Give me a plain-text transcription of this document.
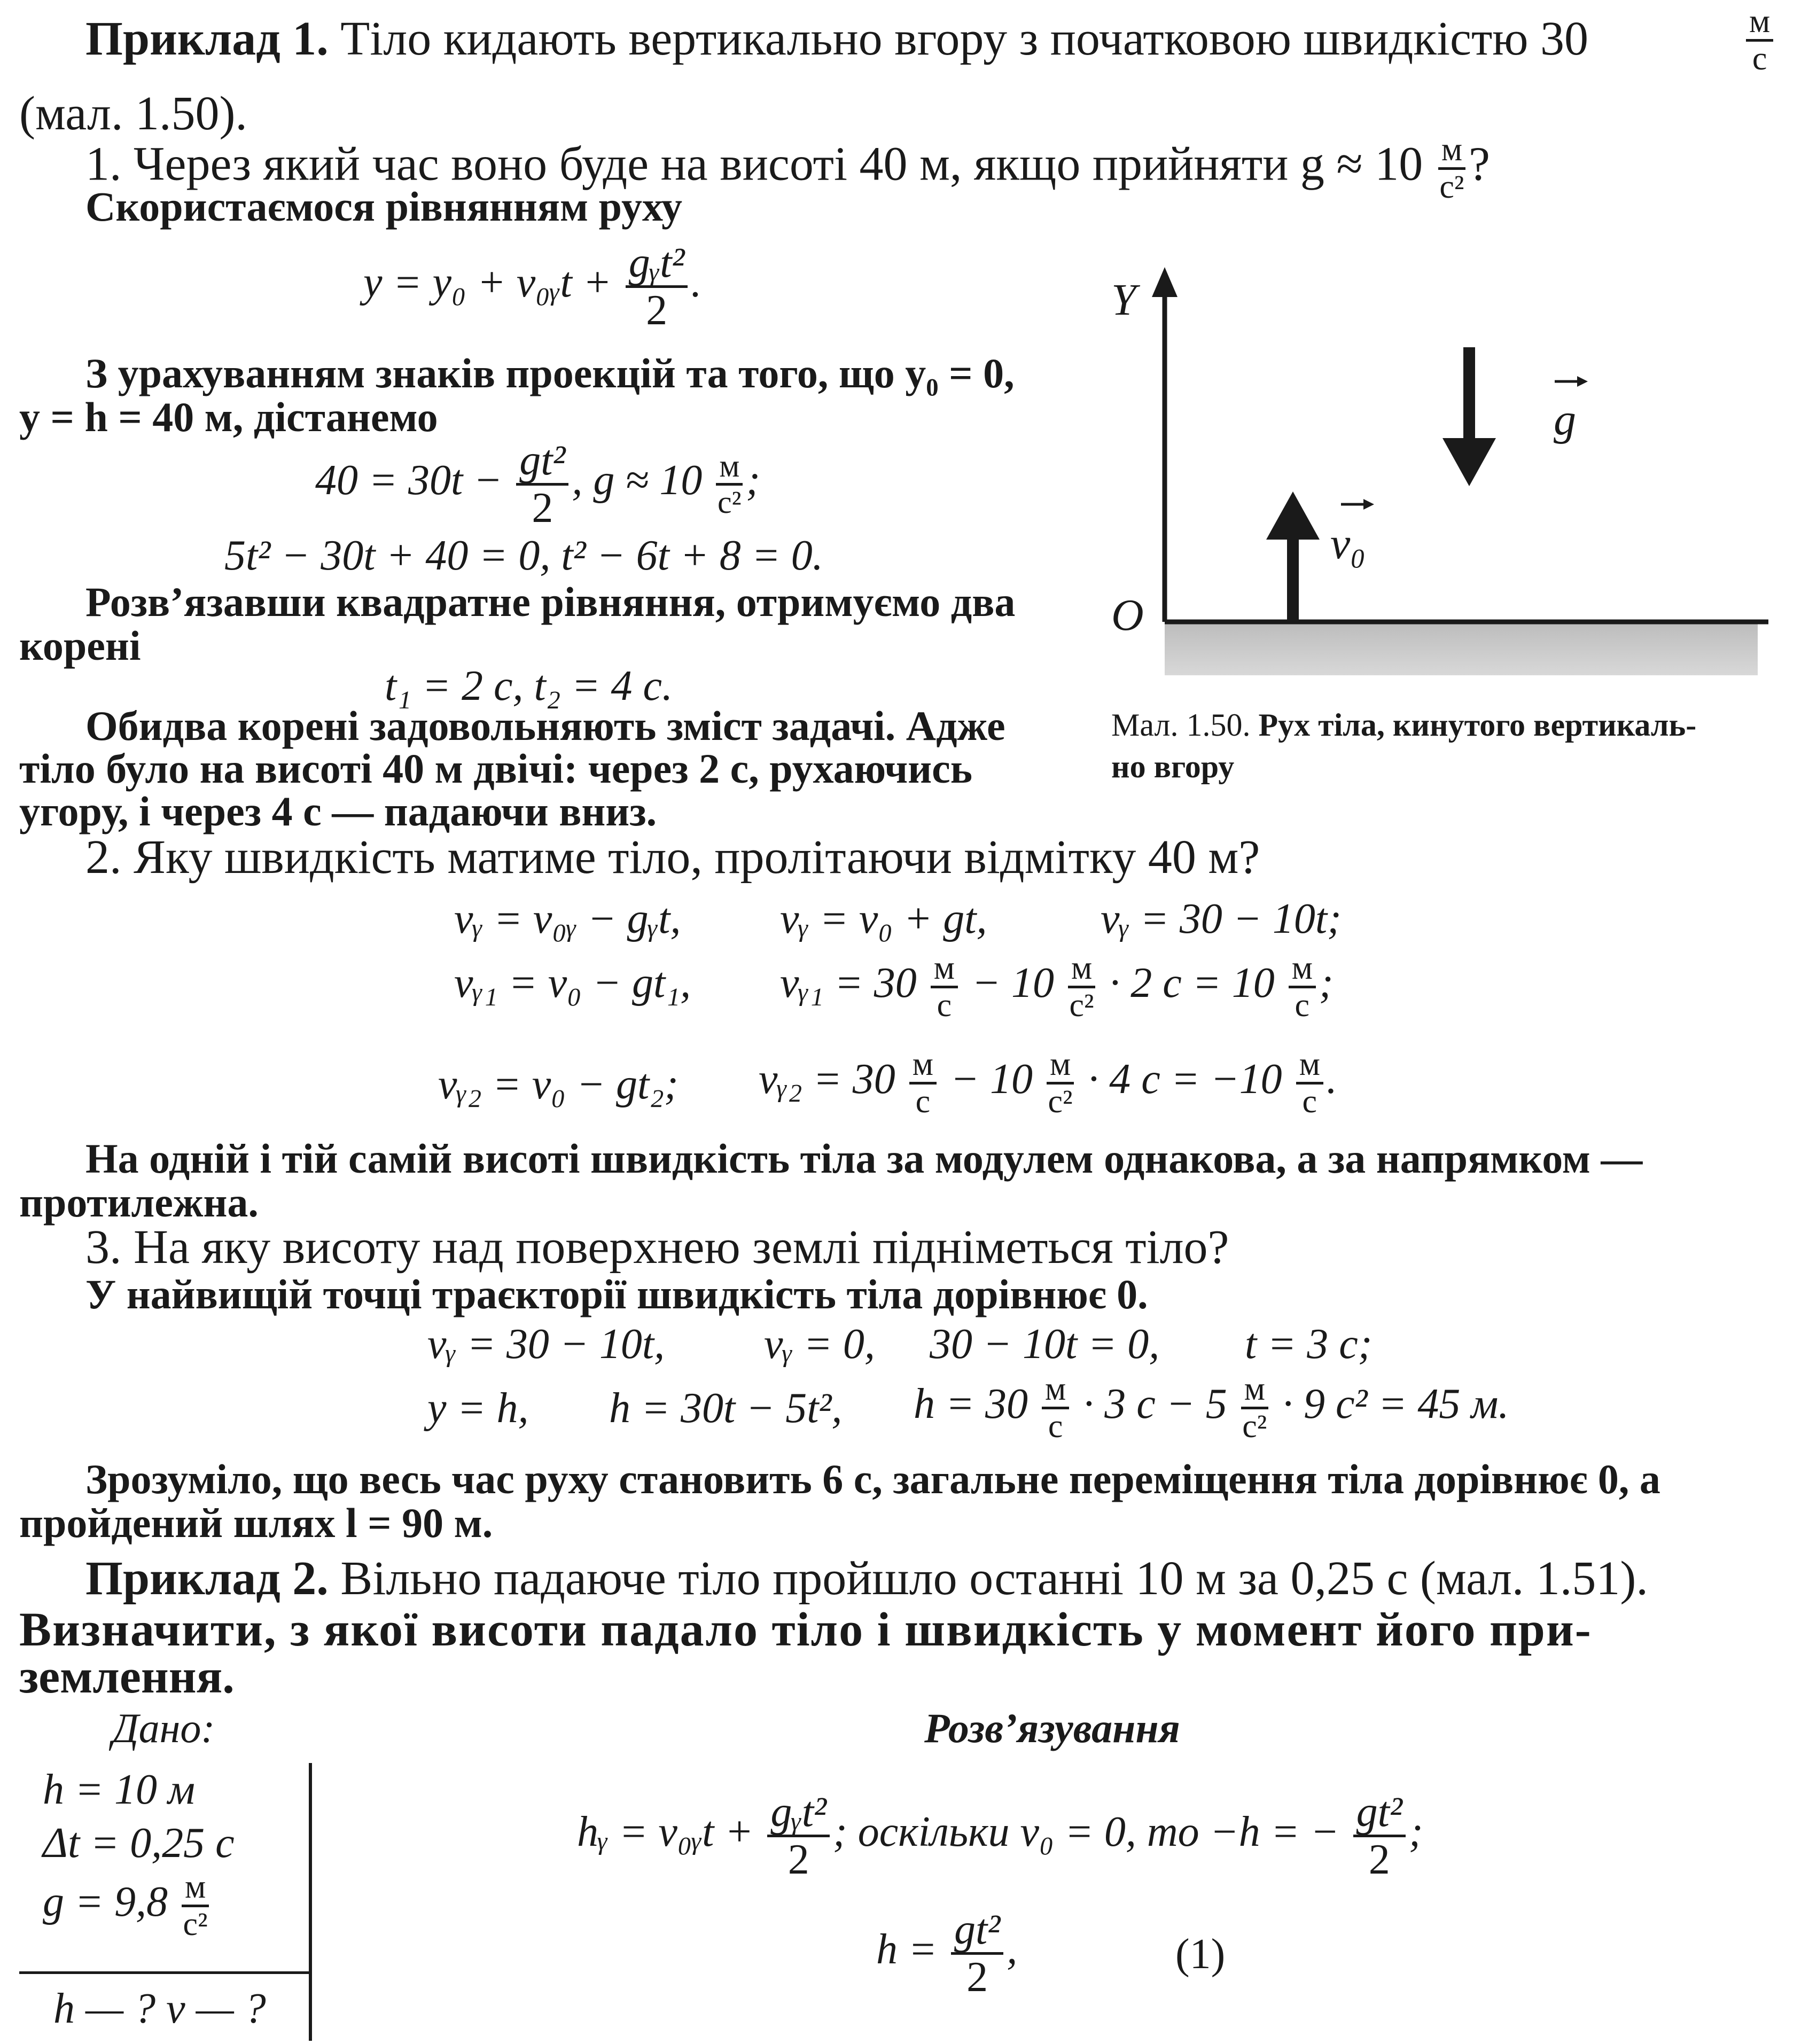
Приклад 1. Тіло кидають вертикально вгору з початковою швидкістю 30	$\frac{м}{с}$
(мал. 1.50).
1. Через який час воно буде на висоті 40 м, якщо прийняти $g \approx 10 \frac{м}{\text{с²}}$ ?
Скористаємося рівнянням руху
y = y₀ + v₀ᵧt + $\frac{\text{gᵧt²}}{2}$ .
З урахуванням знаків проекцій та того, що y₀ = 0,
y = h = 40 м, дістанемо
$40 = 30t - \frac{\text{gt²}}{2}$ , $g \approx 10 \frac{м}{\text{с²}}$ ;
5t² − 30t + 40 = 0, t² − 6t + 8 = 0.
Розв’язавши квадратне рівняння, отримуємо два
корені
t₁ = 2 с, t₂ = 4 с.
Обидва корені задовольняють зміст задачі. Адже
тіло було на висоті 40 м двічі: через 2 с, рухаючись
угору, і через 4 с — падаючи вниз.
Y
O
g
v₀
Мал. 1.50. Рух тіла, кинутого вертикаль-
но вгору
2. Яку швидкість матиме тіло, пролітаючи відмітку 40 м?
vᵧ = v₀ᵧ − gᵧt, vᵧ = v₀ + gt,	vᵧ = 30 − 10t;
vᵧ₁ = v₀ − gt₁, vᵧ₁ = $30 \frac{м}{с} - 10 \frac{м}{\text{с²}} \cdot 2$ $с = 10 \frac{м}{с}$ ;
vᵧ₂ = v₀ − gt₂; vᵧ₂ = $30 \frac{м}{с} - 10 \frac{м}{\text{с²}} \cdot 4$ $с = -10 \frac{м}{с}$ .
На одній і тій самій висоті швидкість тіла за модулем однакова, а за напрямком —
протилежна.
3. На яку висоту над поверхнею землі підніметься тіло?
У найвищій точці траєкторії швидкість тіла дорівнює 0.
vᵧ = 30 − 10t, vᵧ = 0, 30 − 10t = 0, t = 3 с;
y = h, h = 30t − 5t², $h = 30 \frac{м}{с} \cdot 3$ $с - 5 \frac{м}{\text{с²}} \cdot 9$ с² = 45 м.
Зрозуміло, що весь час руху становить 6 с, загальне переміщення тіла дорівнює 0, а
пройдений шлях l = 90 м.
Приклад 2. Вільно падаюче тіло пройшло останні 10 м за 0,25 с (мал. 1.51).
Визначити, з якої висоти падало тіло і швидкість у момент його при-
землення.
Дано:	Розв’язування
h = 10 м
Δt = 0,25 с
$g = 9,8 \frac{м}{\text{с²}}$
h — ? v — ?
hᵧ = v₀ᵧt + $\frac{\text{gᵧt²}}{2}$ ; оскільки v₀ = 0, то −h = − $\frac{\text{gt²}}{2}$ ;
$h = \frac{\text{gt²}}{2}$ ,	(1)
